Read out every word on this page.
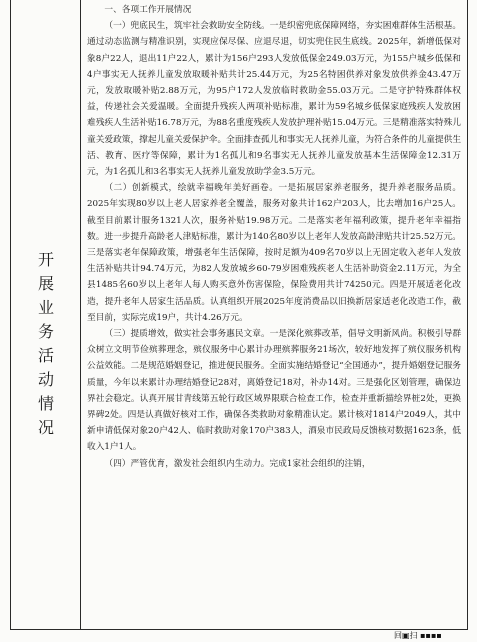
开展业务活动情况

一、各项工作开展情况

（一）兜底民生，筑牢社会救助安全防线。一是织密兜底保障网络，夯实困难群体生活根基。通过动态监测与精准识别，实现应保尽保、应退尽退，切实兜住民生底线。2025年，新增低保对象8户22人，退出11户22人，累计为156户293人发放低保金249.03万元，为155户城乡低保和4户事实无人抚养儿童发放取暖补贴共计25.44万元，为25名特困供养对象发放供养金43.47万元，发放取暖补贴2.88万元，为95户172人发放临时救助金55.03万元。二是守护特殊群体权益，传递社会关爱温暖。全面提升残疾人两项补贴标准，累计为59名城乡低保家庭残疾人发放困难残疾人生活补贴16.78万元，为88名重度残疾人发放护理补贴15.04万元。三是精准落实特殊儿童关爱政策，撑起儿童关爱保护伞。全面排查孤儿和事实无人抚养儿童，为符合条件的儿童提供生活、教育、医疗等保障，累计为1名孤儿和9名事实无人抚养儿童发放基本生活保障金12.31万元，为1名孤儿和3名事实无人抚养儿童发放助学金3.5万元。

（二）创新模式，绘就幸福晚年美好画卷。一是拓展居家养老服务，提升养老服务品质。2025年实现80岁以上老人居家养老全覆盖，服务对象共计162户203人，比去增加16户25人。截至目前累计服务1321人次，服务补贴19.98万元。二是落实老年福利政策，提升老年幸福指数。进一步提升高龄老人津贴标准，累计为140名80岁以上老年人发放高龄津贴共计25.52万元。三是落实老年保障政策，增强老年生活保障，按时足额为409名70岁以上无固定收入老年人发放生活补贴共计94.74万元，为82人发放城乡60-79岁困难残疾老人生活补助资金2.11万元，为全县1485名60岁以上老年人每人购买意外伤害保险，保险费用共计74250元。四是开展适老化改造，提升老年人居家生活品质。认真组织开展2025年度消费品以旧换新居家适老化改造工作，截至目前，实际完成19户，共计4.26万元。

（三）提质增效，做实社会事务惠民文章。一是深化殡葬改革，倡导文明新风尚。积极引导群众树立文明节俭殡葬理念，殡仪服务中心累计办理殡葬服务21场次，较好地发挥了殡仪服务机构公益效能。二是规范婚姻登记，推进便民服务。全面实施结婚登记“全国通办”，提升婚姻登记服务质量，今年以来累计办理结婚登记28对，离婚登记18对，补办14对。三是强化区划管理，确保边界社会稳定。认真开展甘青线第五轮行政区域界限联合检查工作，检查并重新描绘界桩2处，更换界碑2处。四是认真做好核对工作，确保各类救助对象精准认定。累计核对1814户2049人，其中新申请低保对象20户42人、临时救助对象170户383人，酒泉市民政局反馈核对数据1623条，低收入1户1人。

（四）严管优育，激发社会组织内生动力。完成1家社会组织的注销，

回▣扫 ▪▪▪▪
